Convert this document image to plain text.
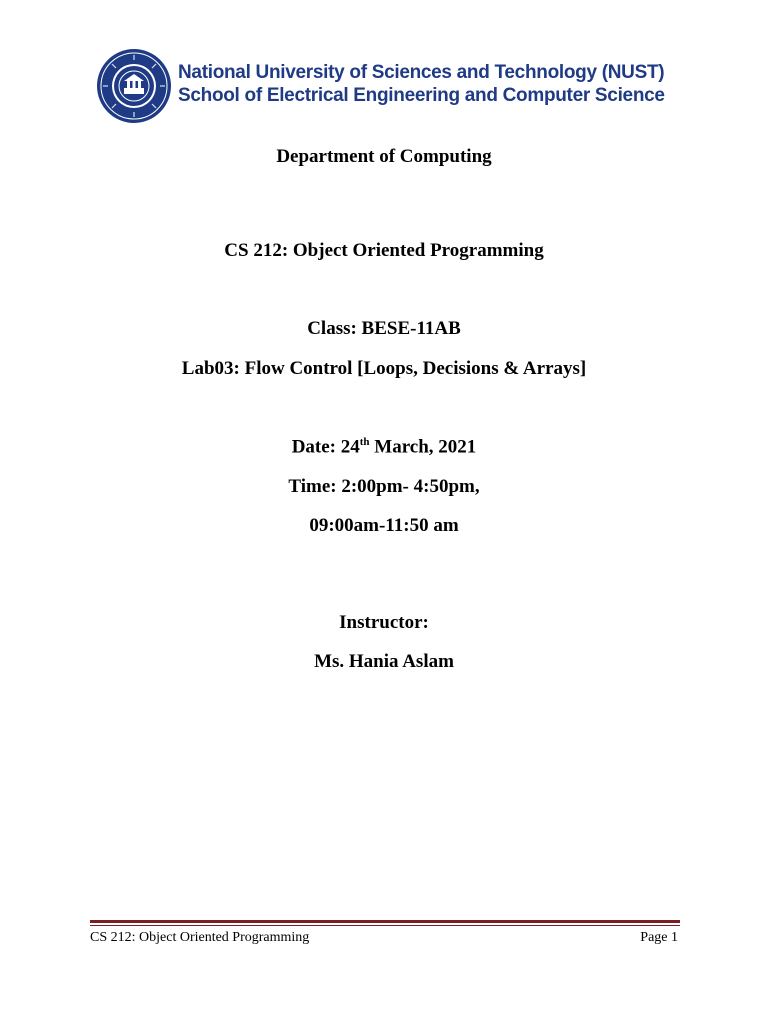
National University of Sciences and Technology (NUST)
School of Electrical Engineering and Computer Science
Department of Computing
CS 212: Object Oriented Programming
Class: BESE-11AB
Lab03: Flow Control [Loops, Decisions & Arrays]
Date: 24th March, 2021
Time: 2:00pm- 4:50pm,
09:00am-11:50 am
Instructor:
Ms. Hania Aslam
CS 212: Object Oriented Programming	Page 1
